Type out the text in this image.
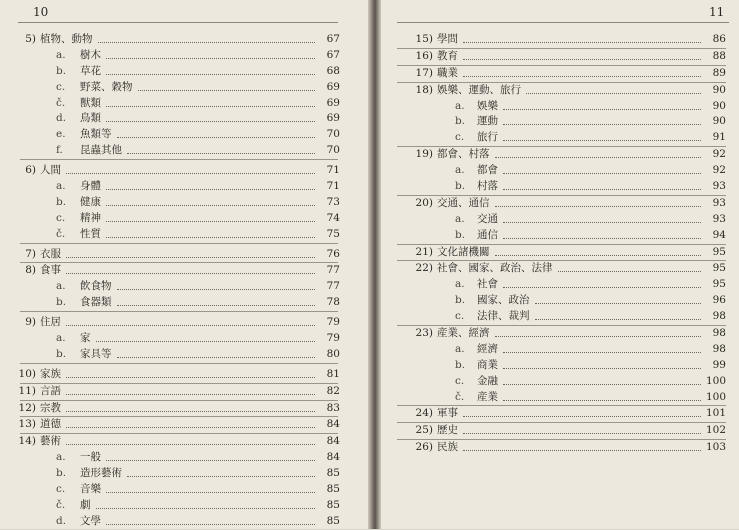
10
5) 植物、動物	67
a.	樹木	67
b.	草花	68
c.	野菜、穀物	69
č.	獸類	69
d.	鳥類	69
e.	魚類等	70
f.	昆蟲其他	70
6) 人間	71
a.	身體	71
b.	健康	73
c.	精神	74
č.	性質	75
7) 衣服	76
8) 食事	77
a.	飲食物	77
b.	食器類	78
9) 住居	79
a.	家	79
b.	家具等	80
10) 家族	81
11) 言語	82
12) 宗教	83
13) 道德	84
14) 藝術	84
a.	一般	84
b.	造形藝術	85
c.	音樂	85
č.	劇	85
d.	文學	85
11
15) 學問	86
16) 教育	88
17) 職業	89
18) 娛樂、運動、旅行	90
a.	娛樂	90
b.	運動	90
c.	旅行	91
19) 都會、村落	92
a.	都會	92
b.	村落	93
20) 交通、通信	93
a.	交通	93
b.	通信	94
21) 文化諸機關	95
22) 社會、國家、政治、法律	95
a.	社會	95
b.	國家、政治	96
c.	法律、裁判	98
23) 産業、經濟	98
a.	經濟	98
b.	商業	99
c.	金融	100
č.	産業	100
24) 軍事	101
25) 歷史	102
26) 民族	103
